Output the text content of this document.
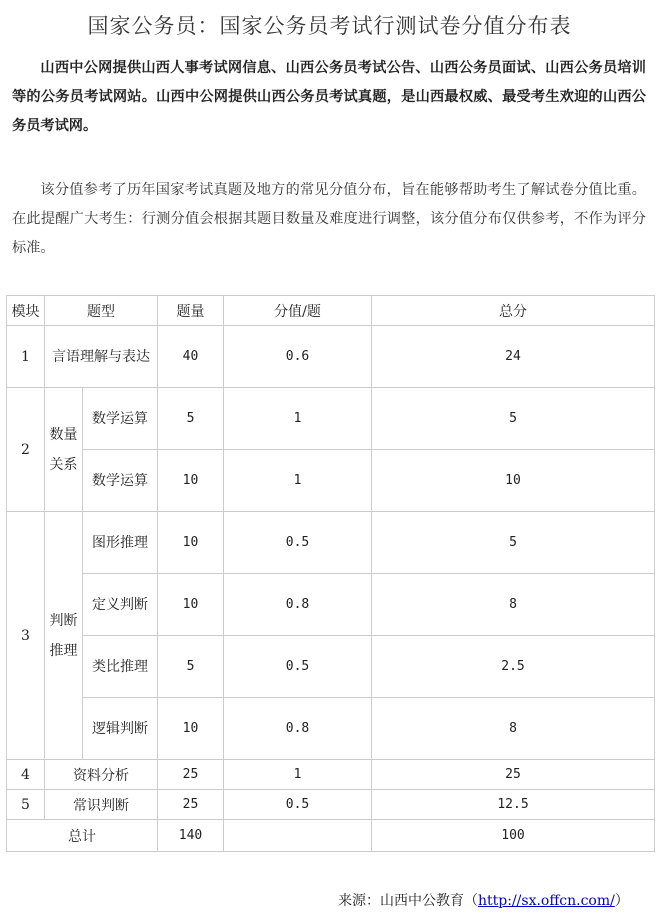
国家公务员：国家公务员考试行测试卷分值分布表
山西中公网提供山西人事考试网信息、山西公务员考试公告、山西公务员面试、山西公务员培训等的公务员考试网站。山西中公网提供山西公务员考试真题，是山西最权威、最受考生欢迎的山西公务员考试网。
该分值参考了历年国家考试真题及地方的常见分值分布，旨在能够帮助考生了解试卷分值比重。在此提醒广大考生：行测分值会根据其题目数量及难度进行调整，该分值分布仅供参考，不作为评分标准。
模块	题型		题量	分值/题	总分
1	言语理解与表达		40	0.6	24
2	数量关系	数学运算	5	1	5
		数学运算	10	1	10
3	判断推理	图形推理	10	0.5	5
		定义判断	10	0.8	8
		类比推理	5	0.5	2.5
		逻辑判断	10	0.8	8
4	资料分析		25	1	25
5	常识判断		25	0.5	12.5
总计			140		100
来源：山西中公教育（http://sx.offcn.com/）
